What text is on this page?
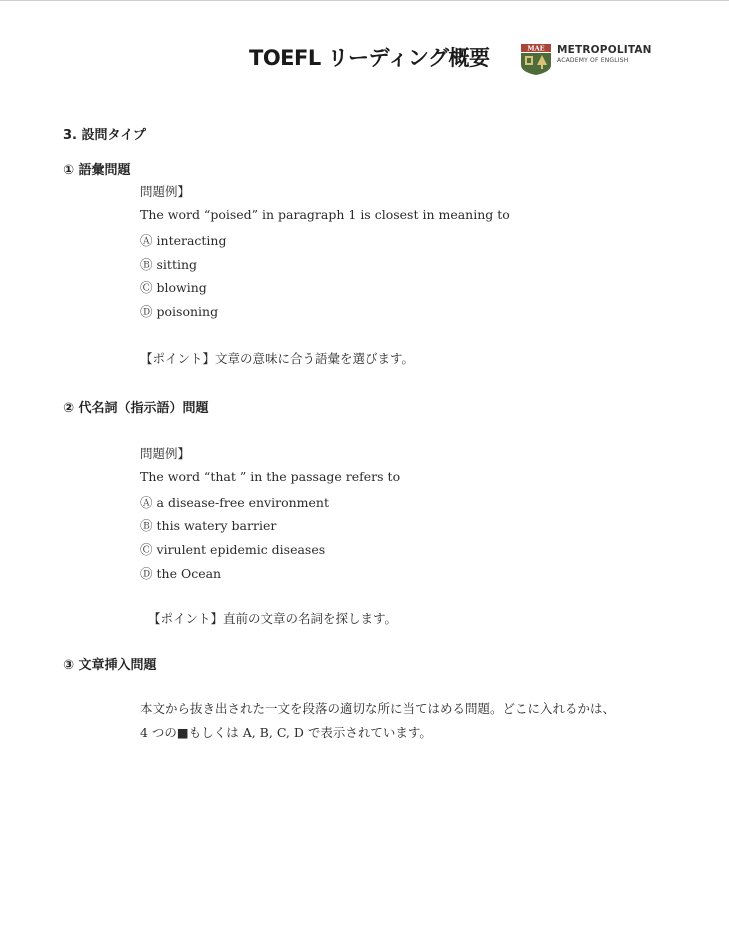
TOEFL リーディング概要	MAE METROPOLITAN
ACADEMY OF ENGLISH
3. 設問タイプ
① 語彙問題
問題例】
The word “poised” in paragraph 1 is closest in meaning to
Ⓐ interacting
Ⓑ sitting
Ⓒ blowing
Ⓓ poisoning
【ポイント】文章の意味に合う語彙を選びます。
② 代名詞（指示語）問題
問題例】
The word “that ” in the passage refers to
Ⓐ a disease-free environment
Ⓑ this watery barrier
Ⓒ virulent epidemic diseases
Ⓓ the Ocean
【ポイント】直前の文章の名詞を探します。
③ 文章挿入問題
本文から抜き出された一文を段落の適切な所に当てはめる問題。どこに入れるかは、
4 つの■もしくは A, B, C, D で表示されています。
